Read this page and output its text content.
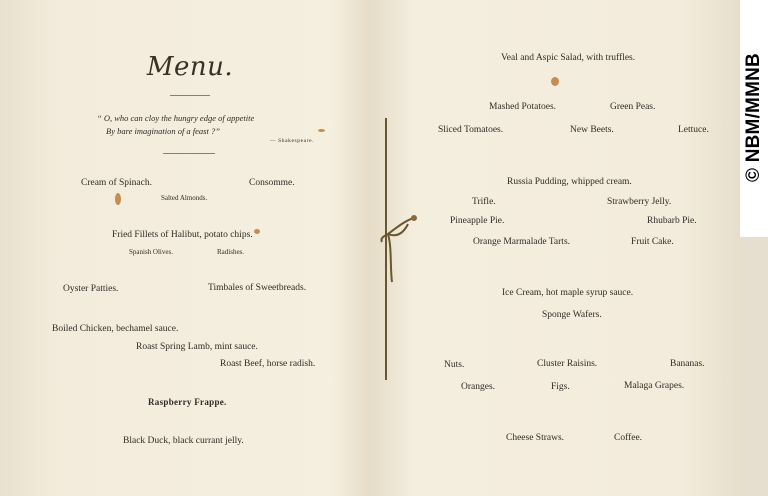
Menu.
“ O, who can cloy the hungry edge of appetite
By bare imagination of a feast ?”
— Shakespeare.
Cream of Spinach.	Consomme.
Salted Almonds.
Fried Fillets of Halibut, potato chips.
Spanish Olives.	Radishes.
Oyster Patties.	Timbales of Sweetbreads.
Boiled Chicken, bechamel sauce.
Roast Spring Lamb, mint sauce.
Roast Beef, horse radish.
Raspberry Frappe.
Black Duck, black currant jelly.
Veal and Aspic Salad, with truffles.
Mashed Potatoes.	Green Peas.
Sliced Tomatoes.	New Beets.	Lettuce.
Russia Pudding, whipped cream.
Trifle.	Strawberry Jelly.
Pineapple Pie.	Rhubarb Pie.
Orange Marmalade Tarts.	Fruit Cake.
Ice Cream, hot maple syrup sauce.
Sponge Wafers.
Nuts.	Cluster Raisins.	Bananas.
Oranges.	Figs.	Malaga Grapes.
Cheese Straws.	Coffee.
© NBM/MMNB
